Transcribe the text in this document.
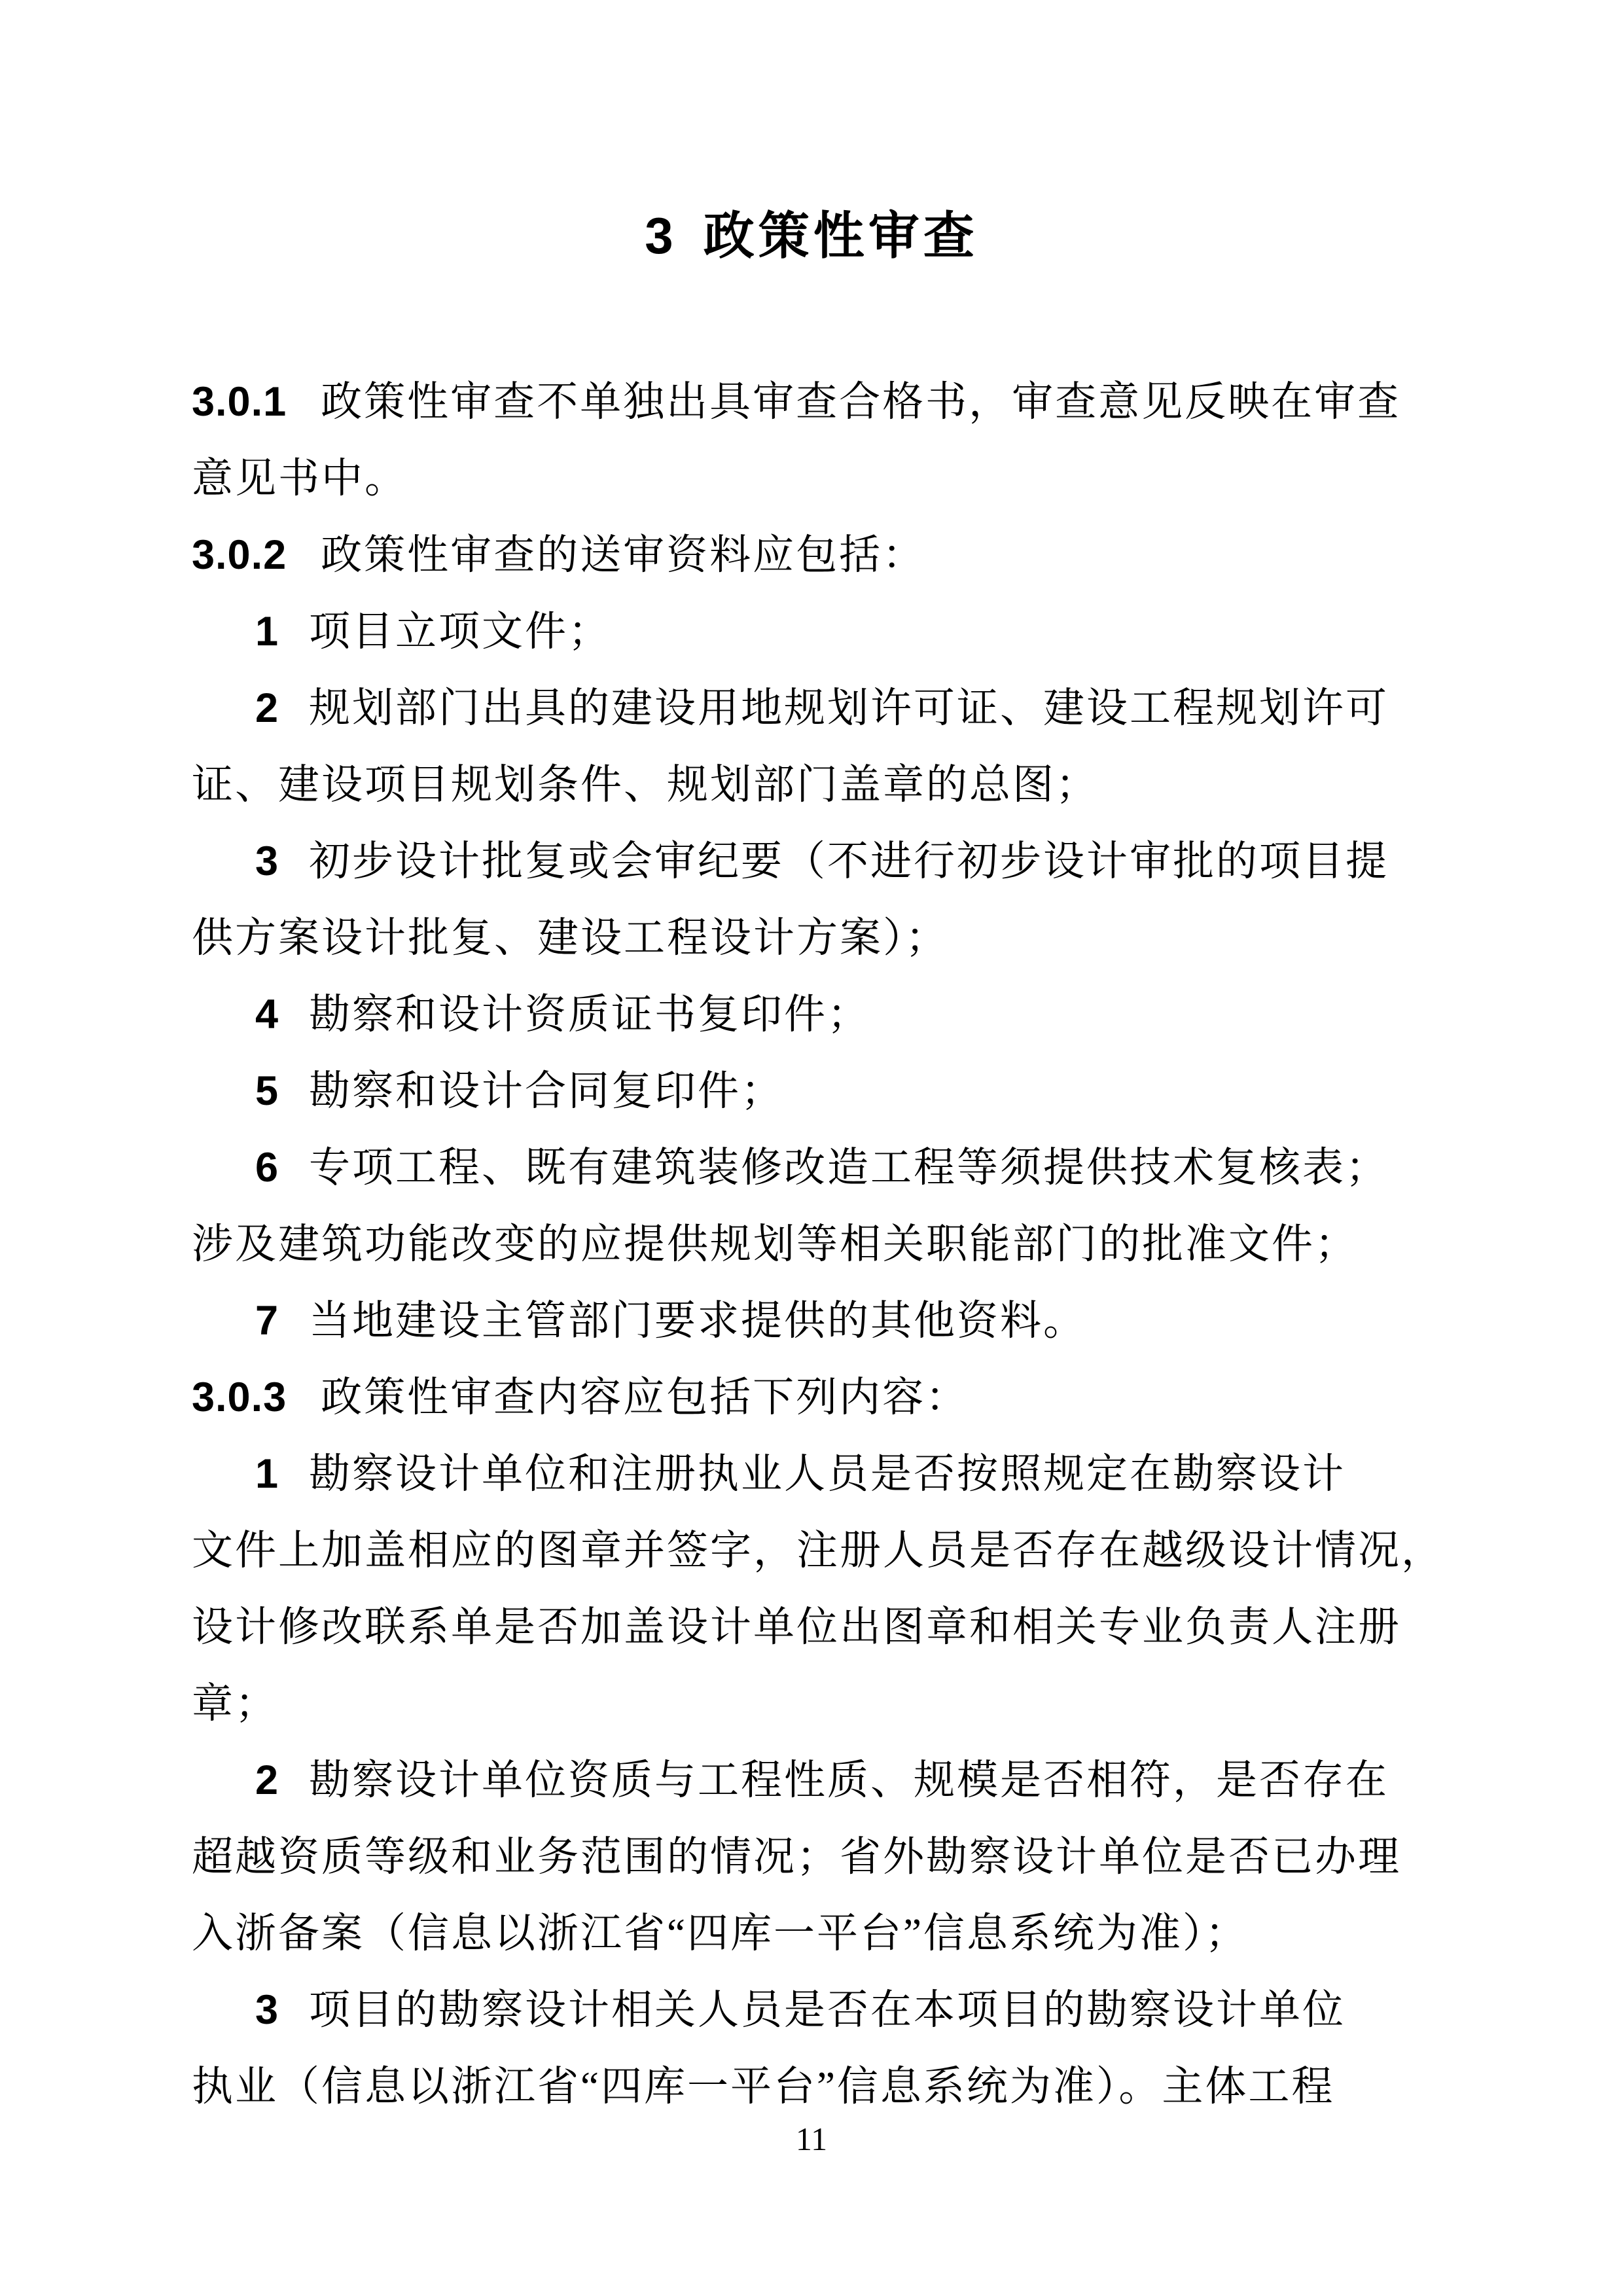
3 政策性审查
3.0.1 政策性审查不单独出具审查合格书，审查意见反映在审查
意见书中。
3.0.2 政策性审查的送审资料应包括：
1 项目立项文件；
2 规划部门出具的建设用地规划许可证、建设工程规划许可
证、建设项目规划条件、规划部门盖章的总图；
3 初步设计批复或会审纪要（不进行初步设计审批的项目提
供方案设计批复、建设工程设计方案）；
4 勘察和设计资质证书复印件；
5 勘察和设计合同复印件；
6 专项工程、既有建筑装修改造工程等须提供技术复核表；
涉及建筑功能改变的应提供规划等相关职能部门的批准文件；
7 当地建设主管部门要求提供的其他资料。
3.0.3 政策性审查内容应包括下列内容：
1 勘察设计单位和注册执业人员是否按照规定在勘察设计
文件上加盖相应的图章并签字，注册人员是否存在越级设计情况，
设计修改联系单是否加盖设计单位出图章和相关专业负责人注册
章；
2 勘察设计单位资质与工程性质、规模是否相符，是否存在
超越资质等级和业务范围的情况；省外勘察设计单位是否已办理
入浙备案（信息以浙江省“四库一平台”信息系统为准）；
3 项目的勘察设计相关人员是否在本项目的勘察设计单位
执业（信息以浙江省“四库一平台”信息系统为准）。主体工程
11
